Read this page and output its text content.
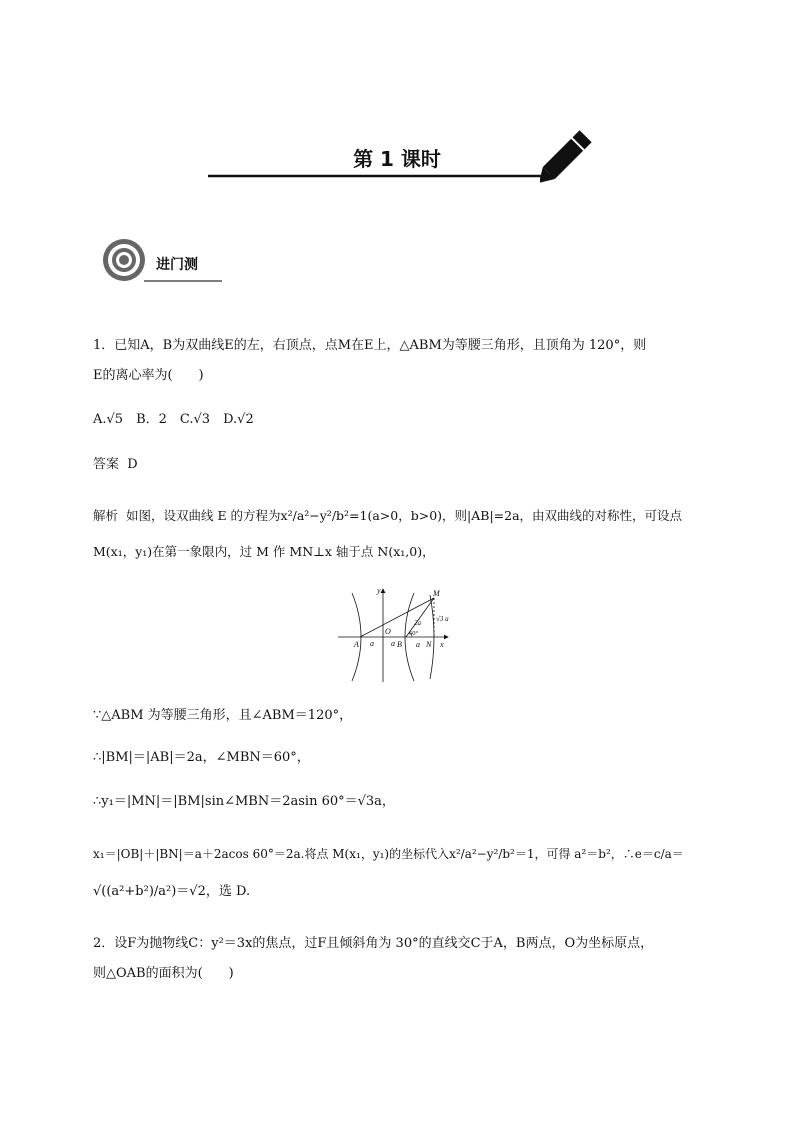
第 1 课时
进门测
1．已知A，B为双曲线E的左，右顶点，点M在E上，△ABM为等腰三角形，且顶角为 120°，则
E的离心率为(　　)
A.√5　B．2　C.√3　D.√2
答案 D
解析 如图，设双曲线 E 的方程为x²/a²−y²/b²=1(a>0，b>0)，则|AB|=2a，由双曲线的对称性，可设点
M(x₁，y₁)在第一象限内，过 M 作 MN⊥x 轴于点 N(x₁,0)，
y
x
A
O
B	N
M
a a	a
2a √3 a
60°
∵△ABM 为等腰三角形，且∠ABM＝120°，
∴|BM|＝|AB|＝2a，∠MBN＝60°，
∴y₁＝|MN|＝|BM|sin∠MBN＝2asin 60°＝√3a，
x₁＝|OB|＋|BN|＝a＋2acos 60°＝2a.将点 M(x₁，y₁)的坐标代入x²/a²−y²/b²＝1，可得 a²＝b²，∴e＝c/a＝
√((a²+b²)/a²)＝√2，选 D.
2．设F为抛物线C：y²＝3x的焦点，过F且倾斜角为 30°的直线交C于A，B两点，O为坐标原点，
则△OAB的面积为(　　)
